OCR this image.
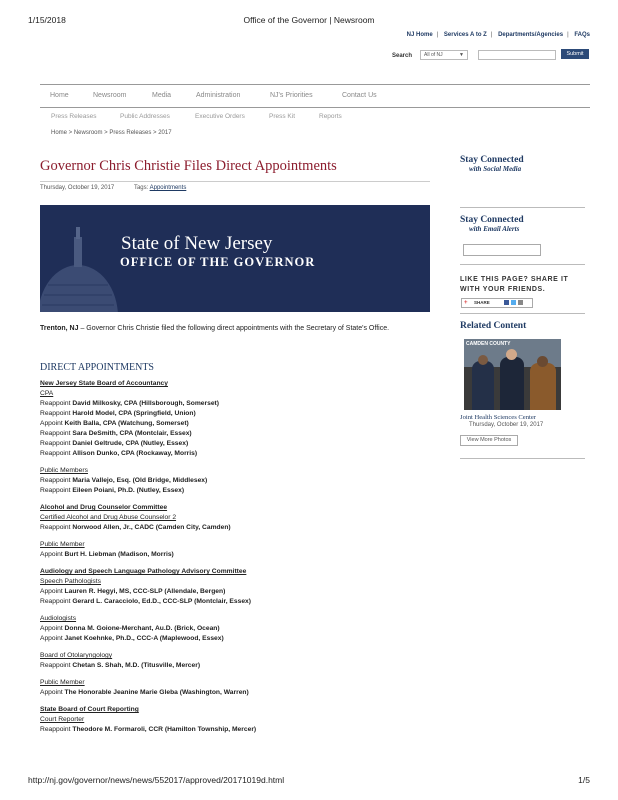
1/15/2018	Office of the Governor | Newsroom
NJ Home | Services A to Z | Departments/Agencies | FAQs
Search	All of NJ	▼	Submit
Home	Newsroom	Media	Administration	NJ's Priorities	Contact Us
Press Releases	Public Addresses	Executive Orders	Press Kit	Reports
Home > Newsroom > Press Releases > 2017
Governor Chris Christie Files Direct Appointments
Thursday, October 19, 2017	Tags: Appointments
State of New Jersey
OFFICE OF THE GOVERNOR
Trenton, NJ – Governor Chris Christie filed the following direct appointments with the Secretary of State's Office.
DIRECT APPOINTMENTS
New Jersey State Board of Accountancy
CPA
Reappoint David Milkosky, CPA (Hillsborough, Somerset)
Reappoint Harold Model, CPA (Springfield, Union)
Appoint Keith Balla, CPA (Watchung, Somerset)
Reappoint Sara DeSmith, CPA (Montclair, Essex)
Reappoint Daniel Geltrude, CPA (Nutley, Essex)
Reappoint Allison Dunko, CPA (Rockaway, Morris)
Public Members
Reappoint Maria Vallejo, Esq. (Old Bridge, Middlesex)
Reappoint Eileen Poiani, Ph.D. (Nutley, Essex)
Alcohol and Drug Counselor Committee
Certified Alcohol and Drug Abuse Counselor 2
Reappoint Norwood Allen, Jr., CADC (Camden City, Camden)
Public Member
Appoint Burt H. Liebman (Madison, Morris)
Audiology and Speech Language Pathology Advisory Committee
Speech Pathologists
Appoint Lauren R. Hegyi, MS, CCC-SLP (Allendale, Bergen)
Reappoint Gerard L. Caracciolo, Ed.D., CCC-SLP (Montclair, Essex)
Audiologists
Appoint Donna M. Goione-Merchant, Au.D. (Brick, Ocean)
Appoint Janet Koehnke, Ph.D., CCC-A (Maplewood, Essex)
Board of Otolaryngology
Reappoint Chetan S. Shah, M.D. (Titusville, Mercer)
Public Member
Appoint The Honorable Jeanine Marie Gleba (Washington, Warren)
State Board of Court Reporting
Court Reporter
Reappoint Theodore M. Formaroli, CCR (Hamilton Township, Mercer)
Stay Connected
with Social Media
Stay Connected
with Email Alerts
LIKE THIS PAGE? SHARE IT
WITH YOUR FRIENDS.
+ SHARE
Related Content
CAMDEN COUNTY
Joint Health Sciences Center
Thursday, October 19, 2017
View More Photos
http://nj.gov/governor/news/news/552017/approved/20171019d.html	1/5
